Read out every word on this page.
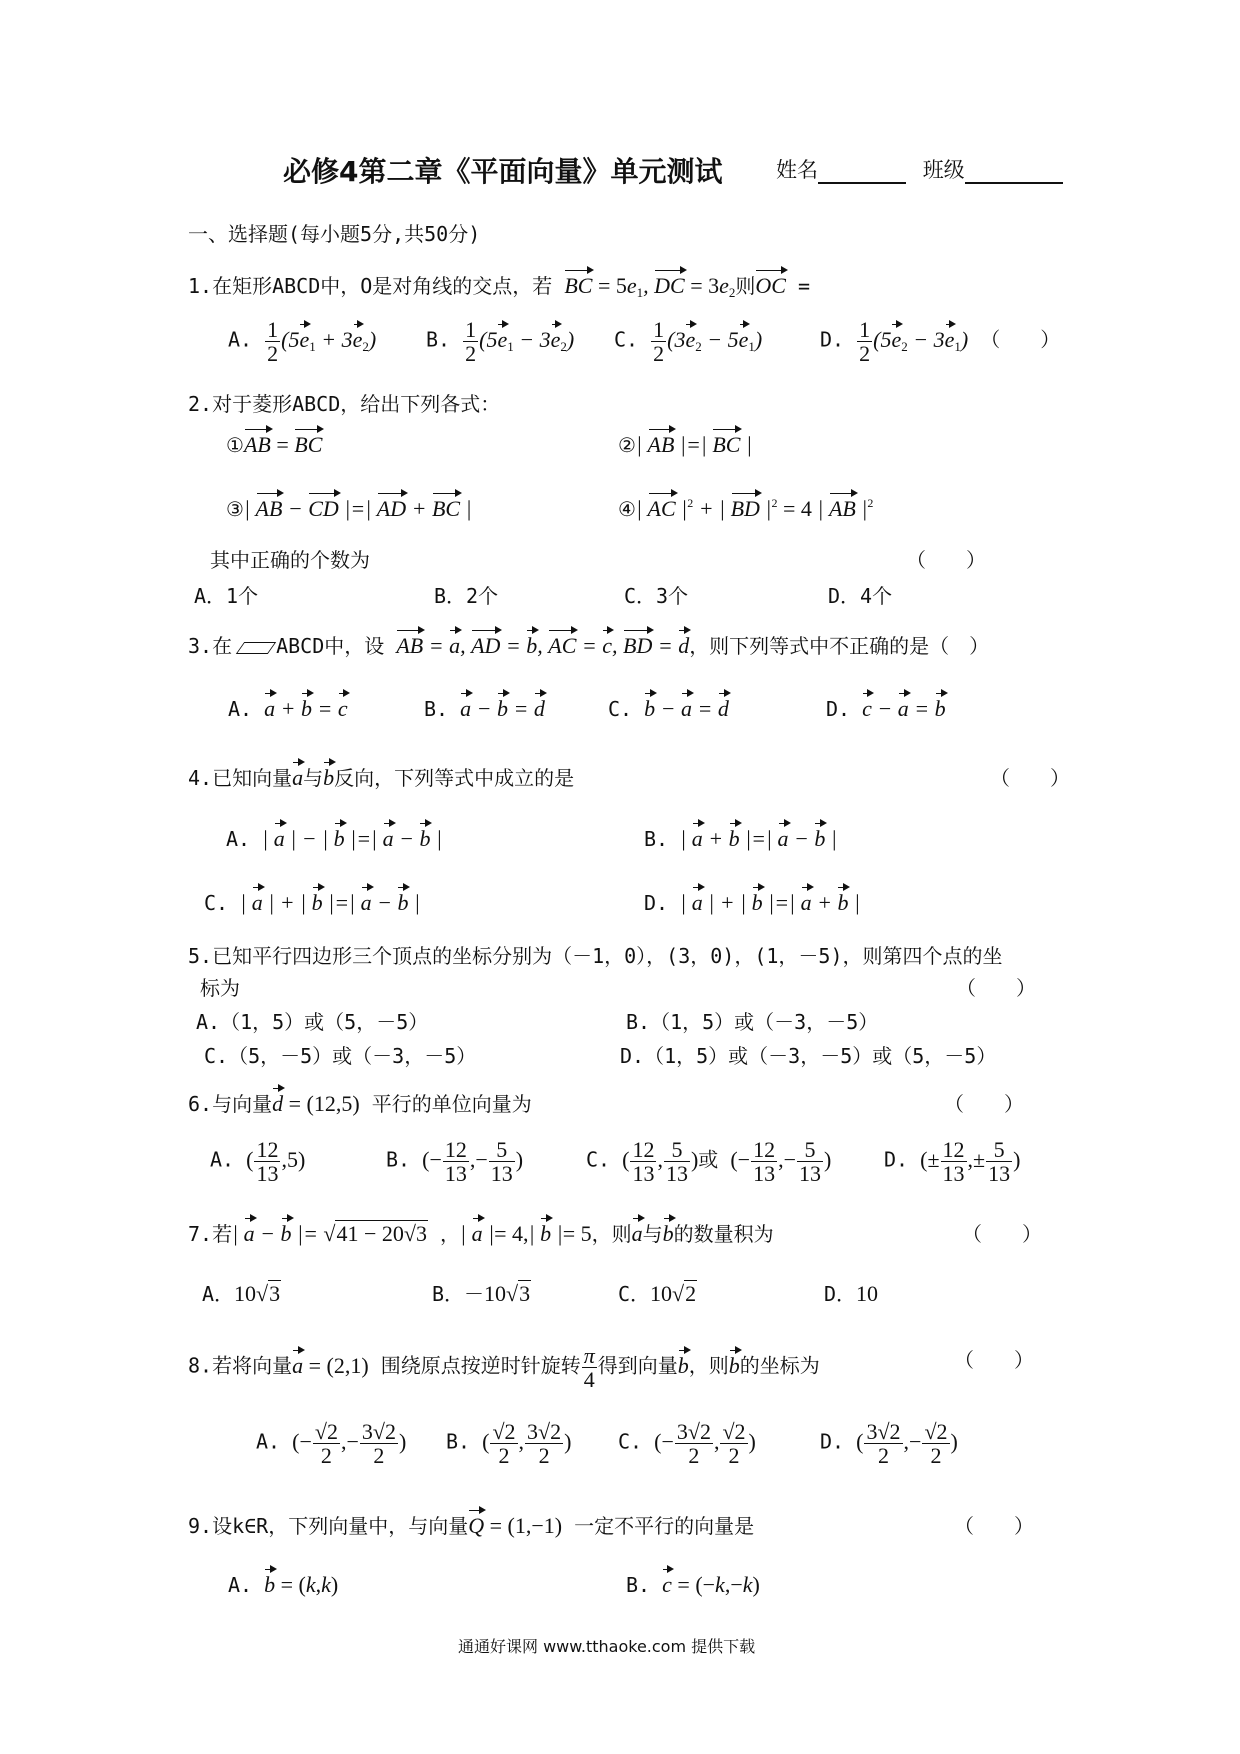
必修4第二章《平面向量》单元测试	姓名	班级
一、选择题(每小题5分,共50分)
1.在矩形ABCD中，O是对角线的交点，若 BC = $5e_1$, DC = $3e_2$则OC =
A. $\frac{1}{2} (5e_1 + 3e_2)$ B. $\frac{1}{2} (5e_1 - 3e_2)$ C. $\frac{1}{2} (3e_2 - 5e_1)$	D. $\frac{1}{2} (5e_2 - 3e_1)$ （　　）
2.对于菱形ABCD，给出下列各式：
①AB = BC	②| AB |=| BC |
③| AB − CD |=| AD + BC |	④| AC $|^2$ + | BD $|^2 = 4$ | AB $|^2$
其中正确的个数为	（　　）
A．1个	B．2个	C．3个	D．4个
3.在 ABCD中，设 AB = a, AD = b, AC = c, BD = d，则下列等式中不正确的是（　）
A. a + b = c	B. a − b = d	C. b − a = d	D. c − a = b
4.已知向量a与b反向，下列等式中成立的是	（　　）
A. | a | − | b |=| a − b |	B. | a + b |=| a − b |
C. | a | + | b |=| a − b |	D. | a | + | b |=| a + b |
5.已知平行四边形三个顶点的坐标分别为（－1，0），(3，0)，(1，－5)，则第四个点的坐
标为	（　　）
A.（1，5）或（5，－5）	B.（1，5）或（－3，－5）
C.（5，－5）或（－3，－5）	D.（1，5）或（－3，－5）或（5，－5）
6.与向量d = (12,5) 平行的单位向量为	（　　）
A. ( $\frac{12}{13} ,5$)	B. (− $\frac{12}{13}$ ,− $\frac{5}{13}$ )	C. ( $\frac{12}{13}$ , $\frac{5}{13}$ )或 (− $\frac{12}{13}$ ,− $\frac{5}{13}$ )	D. (± $\frac{12}{13}$ ,± $\frac{5}{13}$ )
7.若| a − b |= √41 − 20√3 ，| a |= 4,| b |= 5，则a与b的数量积为	（　　）
A．10√3	B．－10√3	C．10√2	D．10
8.若将向量a = (2,1) 围绕原点按逆时针旋转 $\frac{\pi}{4}$ 得到向量b，则b的坐标为	（　　）
A. (− $\frac{√2}{2}$ ,− $\frac{3√2}{2}$ ) B. ( $\frac{√2}{2}$ , $\frac{3√2}{2}$ ) C. (− $\frac{3√2}{2}$ , $\frac{√2}{2}$ )	D. ( $\frac{3√2}{2}$ ,− $\frac{√2}{2}$ )
9.设k∈R，下列向量中，与向量Q = (1,−1) 一定不平行的向量是	（　　）
A. b = (k,k)	B. c = (−k,−k)
通通好课网 www.tthaoke.com 提供下载
